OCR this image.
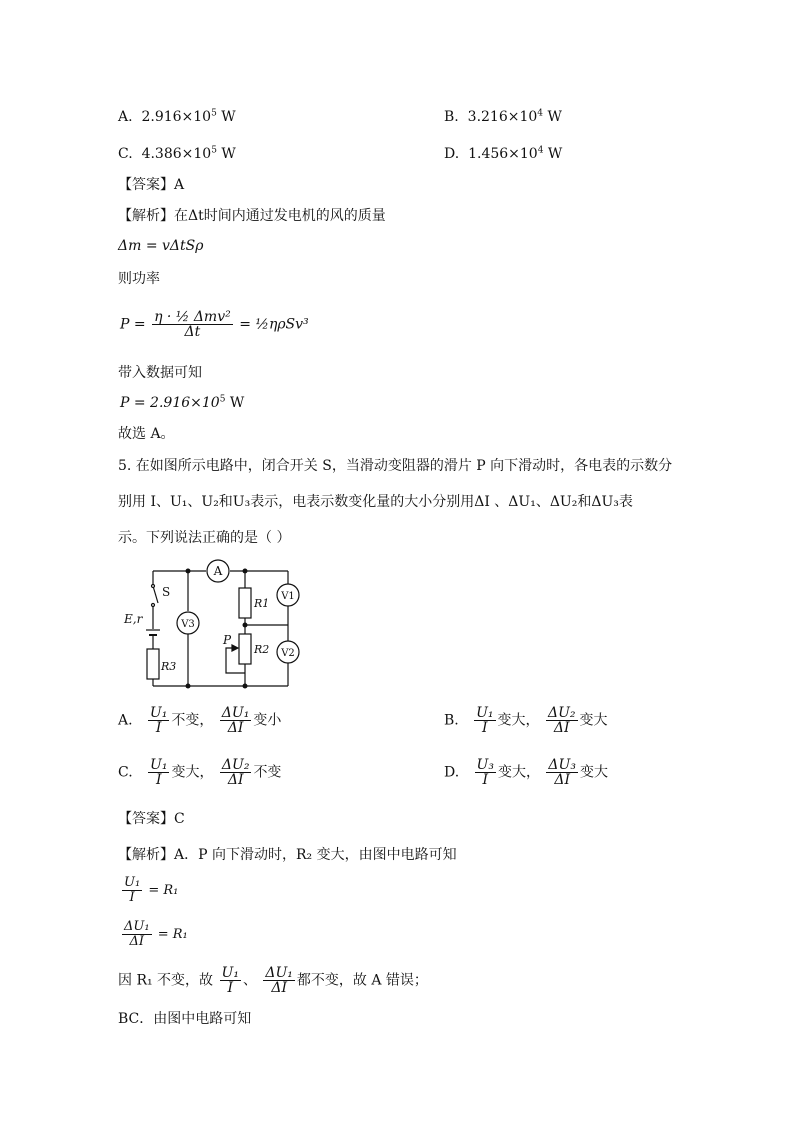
A. $2.916\times 10^5$ W	B. $3.216\times 10^4$ W
C. $4.386\times 10^5$ W	D. $1.456\times 10^4$ W
【答案】A
【解析】在Δt时间内通过发电机的风的质量
Δm = vΔtSρ
则功率
$P = \frac{\text{η · ½ Δmv²}}{\Delta t}$ = ½ηρSv³
带入数据可知
$P = 2.916\times 10^5$ W
故选 A。
5. 在如图所示电路中，闭合开关 S，当滑动变阻器的滑片 P 向下滑动时，各电表的示数分
别用 I、U₁、U₂和U₃表示，电表示数变化量的大小分别用ΔI 、ΔU₁、ΔU₂和ΔU₃表
示。下列说法正确的是（ ）
A
V3
V1
V2
R1
R2
R3
S
P
E,r
A. $\frac{\text{U₁}}{I}$ 不变， $\frac{\text{ΔU₁}}{\Delta I}$ 变小	B. $\frac{\text{U₁}}{I}$ 变大， $\frac{\text{ΔU₂}}{\Delta I}$ 变大
C. $\frac{\text{U₁}}{I}$ 变大， $\frac{\text{ΔU₂}}{\Delta I}$ 不变	D. $\frac{\text{U₃}}{I}$ 变大， $\frac{\text{ΔU₃}}{\Delta I}$ 变大
【答案】C
【解析】A．P 向下滑动时，R₂ 变大，由图中电路可知
$\frac{\text{U₁}}{I} = R_1$
$\frac{\text{ΔU₁}}{\Delta I} = R_1$
因 R₁ 不变，故 $\frac{\text{U₁}}{I}$ 、 $\frac{\text{ΔU₁}}{\Delta I}$ 都不变，故 A 错误；
BC．由图中电路可知
